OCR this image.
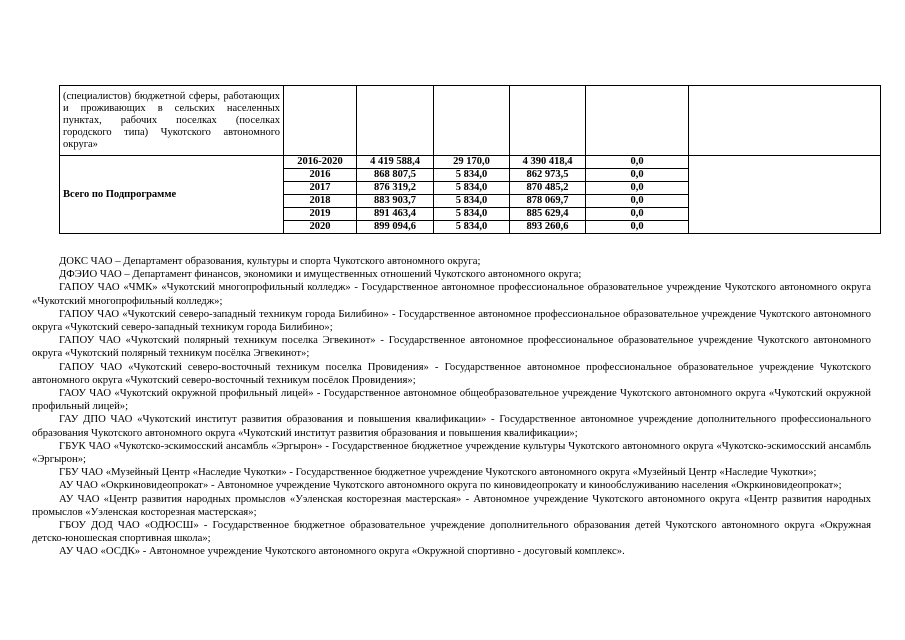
(специалистов) бюджетной сферы, работающих и проживающих в сельских населенных пунктах, рабочих поселках (поселках городского типа) Чукотского автономного округа»						
Всего по Подпрограмме	2016-2020	4 419 588,4	29 170,0	4 390 418,4	0,0	
	2016	868 807,5	5 834,0	862 973,5	0,0	
	2017	876 319,2	5 834,0	870 485,2	0,0	
	2018	883 903,7	5 834,0	878 069,7	0,0	
	2019	891 463,4	5 834,0	885 629,4	0,0	
	2020	899 094,6	5 834,0	893 260,6	0,0	

ДОКС ЧАО – Департамент образования, культуры и спорта Чукотского автономного округа;

ДФЭИО ЧАО – Департамент финансов, экономики и имущественных отношений Чукотского автономного округа;

ГАПОУ ЧАО «ЧМК» «Чукотский многопрофильный колледж» - Государственное автономное профессиональное образовательное учреждение Чукотского автономного округа «Чукотский многопрофильный колледж»;

ГАПОУ ЧАО «Чукотский северо-западный техникум города Билибино» - Государственное автономное профессиональное образовательное учреждение Чукотского автономного округа «Чукотский северо-западный техникум города Билибино»;

ГАПОУ ЧАО «Чукотский полярный техникум поселка Эгвекинот» - Государственное автономное профессиональное образовательное учреждение Чукотского автономного округа «Чукотский полярный техникум посёлка Эгвекинот»;

ГАПОУ ЧАО «Чукотский северо-восточный техникум поселка Провидения» - Государственное автономное профессиональное образовательное учреждение Чукотского автономного округа «Чукотский северо-восточный техникум посёлок Провидения»;

ГАОУ ЧАО «Чукотский окружной профильный лицей» - Государственное автономное общеобразовательное учреждение Чукотского автономного округа «Чукотский окружной профильный лицей»;

ГАУ ДПО ЧАО «Чукотский институт развития образования и повышения квалификации» - Государственное автономное учреждение дополнительного профессионального образования Чукотского автономного округа «Чукотский институт развития образования и повышения квалификации»;

ГБУК ЧАО «Чукотско-эскимосский ансамбль «Эргырон» - Государственное бюджетное учреждение культуры Чукотского автономного округа «Чукотско-эскимосский ансамбль «Эргырон»;

ГБУ ЧАО «Музейный Центр «Наследие Чукотки» - Государственное бюджетное учреждение Чукотского автономного округа «Музейный Центр «Наследие Чукотки»;

АУ ЧАО «Окркиновидеопрокат» - Автономное учреждение Чукотского автономного округа по киновидеопрокату и кинообслуживанию населения «Окркиновидеопрокат»;

АУ ЧАО «Центр развития народных промыслов «Уэленская косторезная мастерская» - Автономное учреждение Чукотского автономного округа «Центр развития народных промыслов «Уэленская косторезная мастерская»;

ГБОУ ДОД ЧАО «ОДЮСШ» - Государственное бюджетное образовательное учреждение дополнительного образования детей Чукотского автономного округа «Окружная детско-юношеская спортивная школа»;

АУ ЧАО «ОСДК» - Автономное учреждение Чукотского автономного округа «Окружной спортивно - досуговый комплекс».
